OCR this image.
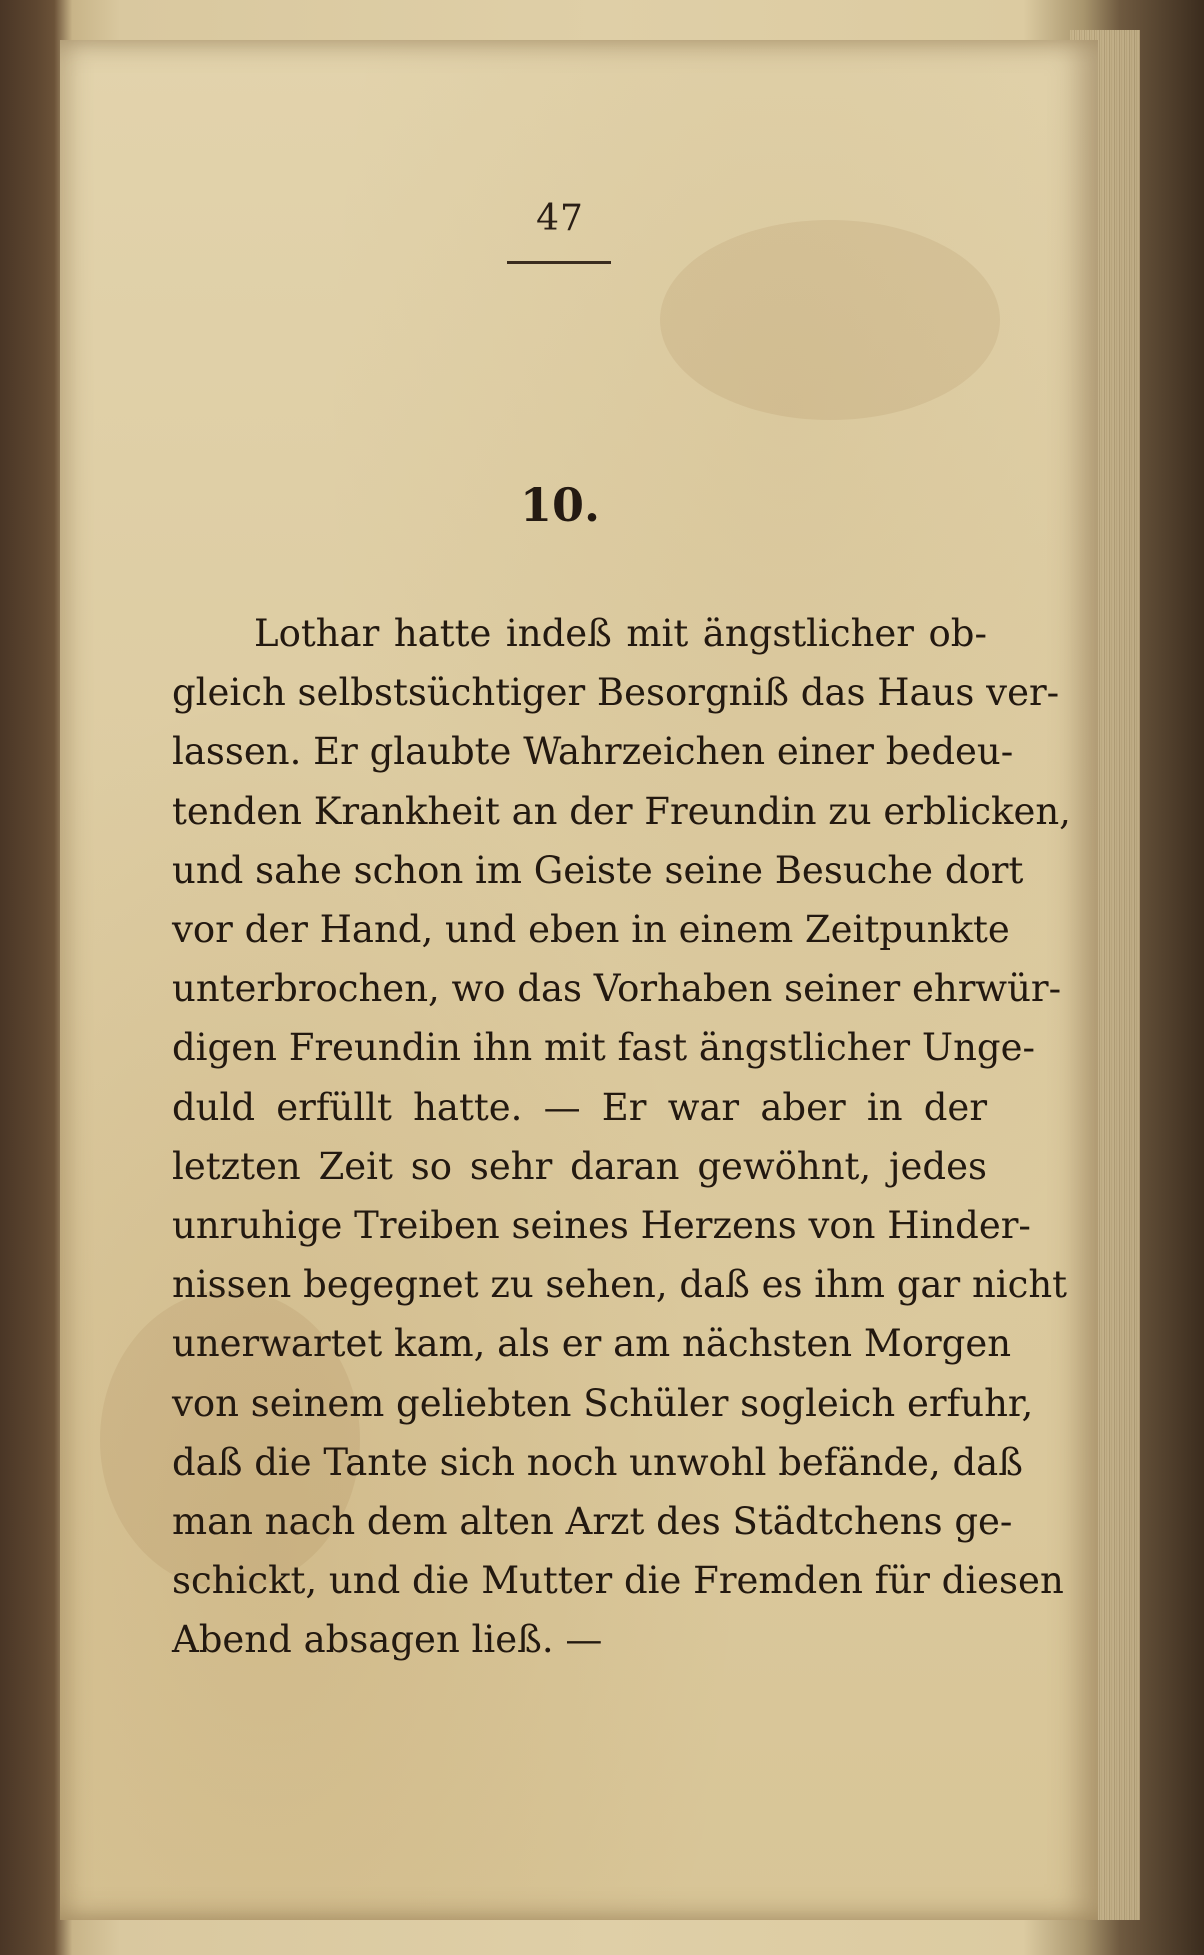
47
10.
Lothar hatte indeß mit ängstlicher ob-
gleich selbstsüchtiger Besorgniß das Haus ver-
lassen. Er glaubte Wahrzeichen einer bedeu-
tenden Krankheit an der Freundin zu erblicken,
und sahe schon im Geiste seine Besuche dort
vor der Hand, und eben in einem Zeitpunkte
unterbrochen, wo das Vorhaben seiner ehrwür-
digen Freundin ihn mit fast ängstlicher Unge-
duld erfüllt hatte. — Er war aber in der
letzten Zeit so sehr daran gewöhnt, jedes
unruhige Treiben seines Herzens von Hinder-
nissen begegnet zu sehen, daß es ihm gar nicht
unerwartet kam, als er am nächsten Morgen
von seinem geliebten Schüler sogleich erfuhr,
daß die Tante sich noch unwohl befände, daß
man nach dem alten Arzt des Städtchens ge-
schickt, und die Mutter die Fremden für diesen
Abend absagen ließ. —
